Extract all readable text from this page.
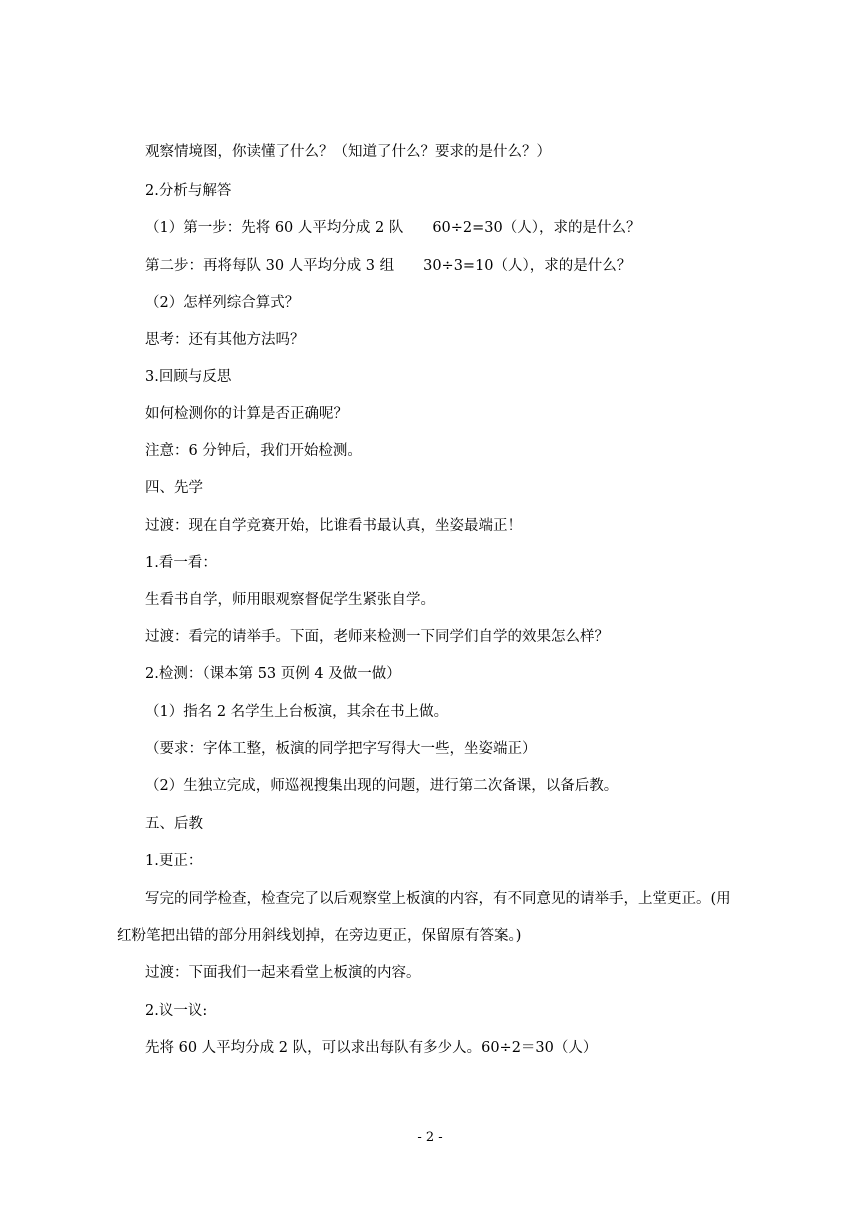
观察情境图，你读懂了什么？（知道了什么？要求的是什么？）
2.分析与解答
（1）第一步：先将 60 人平均分成 2 队　　60÷2=30（人），求的是什么？
第二步：再将每队 30 人平均分成 3 组　　30÷3=10（人），求的是什么？
（2）怎样列综合算式？
思考：还有其他方法吗？
3.回顾与反思
如何检测你的计算是否正确呢？
注意：6 分钟后，我们开始检测。
四、先学
过渡：现在自学竞赛开始，比谁看书最认真，坐姿最端正！
1.看一看：
生看书自学，师用眼观察督促学生紧张自学。
过渡：看完的请举手。下面，老师来检测一下同学们自学的效果怎么样？
2.检测：（课本第 53 页例 4 及做一做）
（1）指名 2 名学生上台板演，其余在书上做。
（要求：字体工整，板演的同学把字写得大一些，坐姿端正）
（2）生独立完成，师巡视搜集出现的问题，进行第二次备课，以备后教。
五、后教
1.更正：
写完的同学检查，检查完了以后观察堂上板演的内容，有不同意见的请举手，上堂更正。(用
红粉笔把出错的部分用斜线划掉，在旁边更正，保留原有答案。)
过渡：下面我们一起来看堂上板演的内容。
2.议一议:
先将 60 人平均分成 2 队，可以求出每队有多少人。60÷2＝30（人）
- 2 -
